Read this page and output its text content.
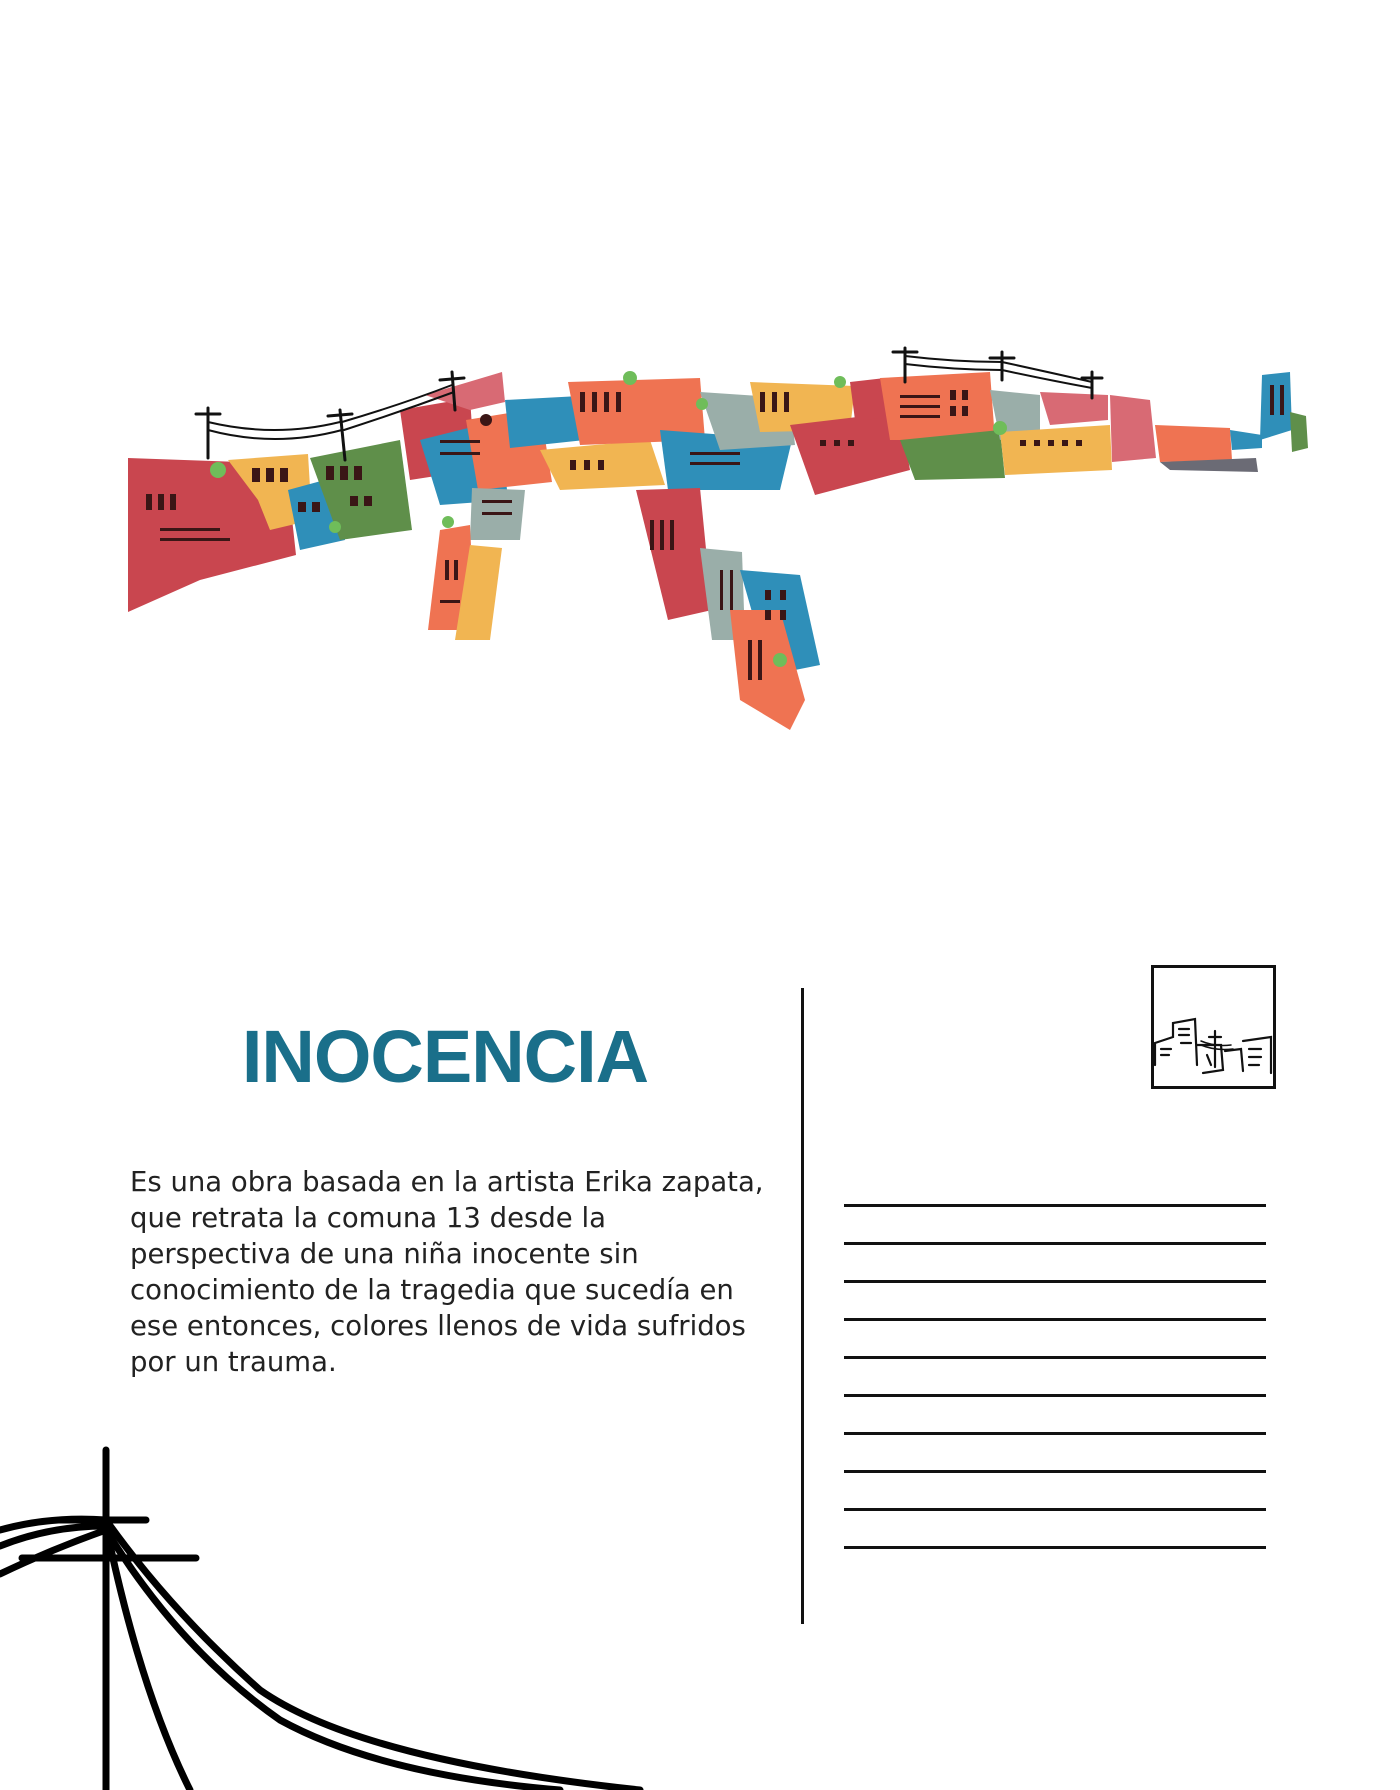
INOCENCIA

Es una obra basada en la artista Erika zapata, que retrata la comuna 13 desde la perspectiva de una niña inocente sin conocimiento de la tragedia que sucedía en ese entonces, colores llenos de vida sufridos por un trauma.
